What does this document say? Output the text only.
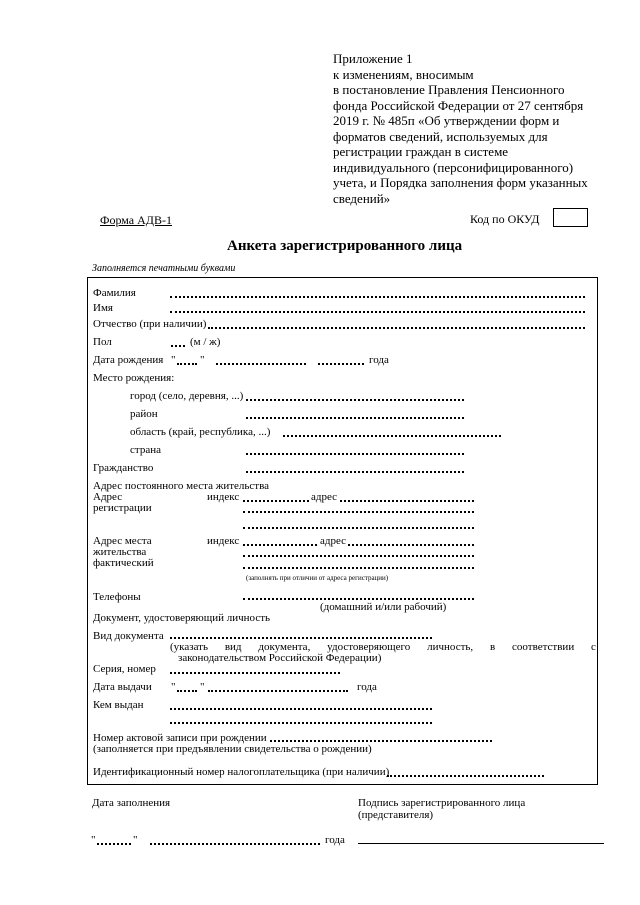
Приложение 1
к изменениям, вносимым
в постановление Правления Пенсионного
фонда Российской Федерации от 27 сентября
2019 г. № 485п «Об утверждении форм и
форматов сведений, используемых для
регистрации граждан в системе
индивидуального (персонифицированного)
учета, и Порядка заполнения форм указанных
сведений»
Форма АДВ-1	Код по ОКУД
Анкета зарегистрированного лица
Заполняется печатными буквами
Фамилия
Имя
Отчество (при наличии)
Пол	(м / ж)
Дата рождения " "	года
Место рождения:
город (село, деревня, ...)
район
область (край, республика, ...)
страна
Гражданство
Адрес постоянного места жительства
Адрес
регистрации
индекс	адрес
Адрес места
жительства
фактический
индекс	адрес
(заполнять при отличии от адреса регистрации)
Телефоны
(домашний и/или рабочий)
Документ, удостоверяющий личность
Вид документа
(указать вид документа, удостоверяющего личность, в соответствии с
законодательством Российской Федерации)
Серия, номер
Дата выдачи " "	года
Кем выдан
Номер актовой записи при рождении
(заполняется при предъявлении свидетельства о рождении)
Идентификационный номер налогоплательщика (при наличии)
Дата заполнения	Подпись зарегистрированного лица
(представителя)
"	"	года
